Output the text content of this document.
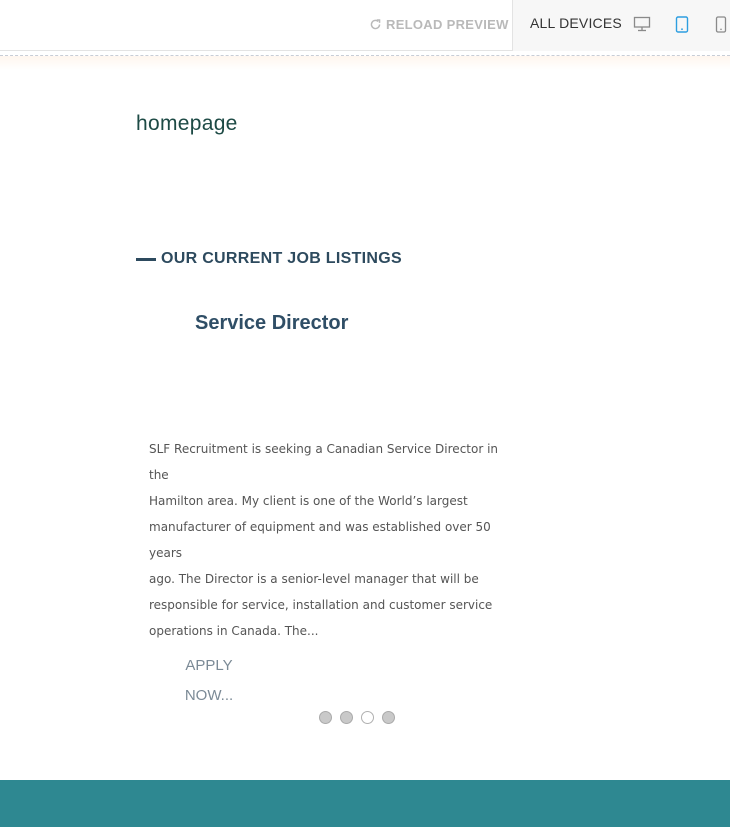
RELOAD PREVIEW ALL DEVICES
homepage
OUR CURRENT JOB LISTINGS
Service Director
SLF Recruitment is seeking a Canadian Service Director in the
Hamilton area. My client is one of the World’s largest
manufacturer of equipment and was established over 50 years
ago. The Director is a senior-level manager that will be
responsible for service, installation and customer service
operations in Canada. The...
APPLY
NOW...
